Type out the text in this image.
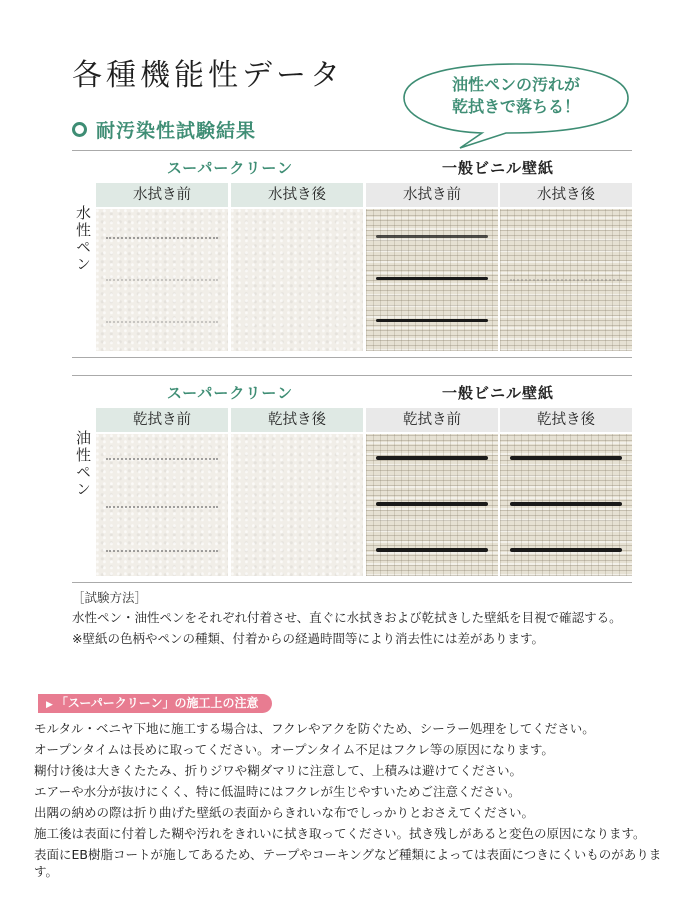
各種機能性データ	油性ペンの汚れが
乾拭きで落ちる！
耐汚染性試験結果
スーパークリーン	一般ビニル壁紙
水性ペン
水拭き前	水拭き後	水拭き前	水拭き後
スーパークリーン	一般ビニル壁紙
油性ペン
乾拭き前	乾拭き後	乾拭き前	乾拭き後
［試験方法］
水性ペン・油性ペンをそれぞれ付着させ、直ぐに水拭きおよび乾拭きした壁紙を目視で確認する。
※壁紙の色柄やペンの種類、付着からの経過時間等により消去性には差があります。
▶ 「スーパークリーン」の施工上の注意
モルタル・ベニヤ下地に施工する場合は、フクレやアクを防ぐため、シーラー処理をしてください。
オープンタイムは長めに取ってください。オープンタイム不足はフクレ等の原因になります。
糊付け後は大きくたたみ、折りジワや糊ダマリに注意して、上積みは避けてください。
エアーや水分が抜けにくく、特に低温時にはフクレが生じやすいためご注意ください。
出隅の納めの際は折り曲げた壁紙の表面からきれいな布でしっかりとおさえてください。
施工後は表面に付着した糊や汚れをきれいに拭き取ってください。拭き残しがあると変色の原因になります。
表面にEB樹脂コートが施してあるため、テープやコーキングなど種類によっては表面につきにくいものがあります。
